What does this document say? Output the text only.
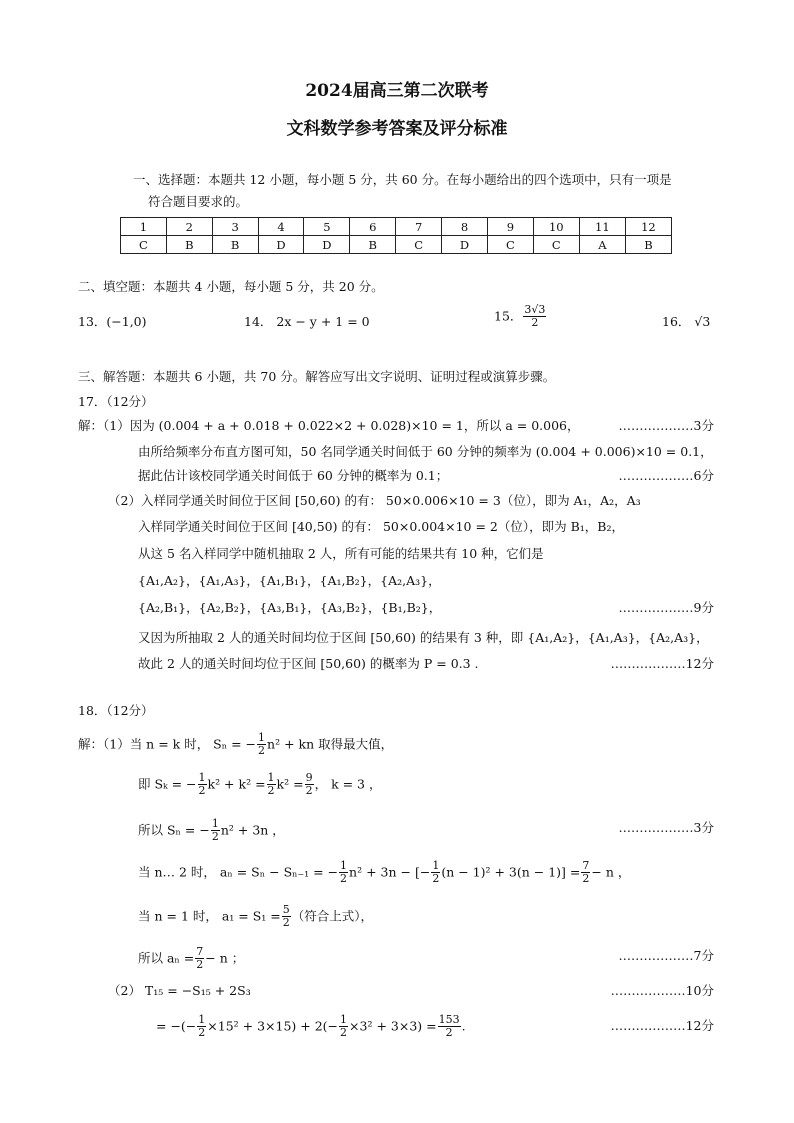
2024届高三第二次联考
文科数学参考答案及评分标准
一、选择题：本题共 12 小题，每小题 5 分，共 60 分。在每小题给出的四个选项中，只有一项是
符合题目要求的。
1	2	3	4	5	6	7	8	9	10	11	12
C	B	B	D	D	B	C	D	C	C	A	B
二、填空题：本题共 4 小题，每小题 5 分，共 20 分。
13．(−1,0)	14． 2x − y + 1 = 0	15． $\frac{3√3}{2}$	16． √3
三、解答题：本题共 6 小题，共 70 分。解答应写出文字说明、证明过程或演算步骤。
17．（12分）
解：（1）因为 (0.004 + a + 0.018 + 0.022×2 + 0.028)×10 = 1，所以 a = 0.006，	………………3分
由所给频率分布直方图可知，50 名同学通关时间低于 60 分钟的频率为 (0.004 + 0.006)×10 = 0.1，
据此估计该校同学通关时间低于 60 分钟的概率为 0.1；	………………6分
（2）入样同学通关时间位于区间 [50,60) 的有： 50×0.006×10 = 3（位），即为 A₁，A₂，A₃
入样同学通关时间位于区间 [40,50) 的有： 50×0.004×10 = 2（位），即为 B₁，B₂，
从这 5 名入样同学中随机抽取 2 人，所有可能的结果共有 10 种，它们是
{A₁,A₂}，{A₁,A₃}，{A₁,B₁}，{A₁,B₂}，{A₂,A₃}，
{A₂,B₁}，{A₂,B₂}，{A₃,B₁}，{A₃,B₂}，{B₁,B₂}，	………………9分
又因为所抽取 2 人的通关时间均位于区间 [50,60) 的结果有 3 种，即 {A₁,A₂}，{A₁,A₃}，{A₂,A₃}，
故此 2 人的通关时间均位于区间 [50,60) 的概率为 P = 0.3 .	………………12分
18．（12分）
解：（1）当 n = k 时， Sₙ = − $\frac{1}{2} n^2$ + kn 取得最大值，
即 Sₖ = − $\frac{1}{2} k^2 + k^2 = \frac{1}{2} k^2 = \frac{9}{2}$ ， k = 3 ，
所以 Sₙ = − $\frac{1}{2} n^2 + 3n$ ，	………………3分
当 n… 2 时， aₙ = Sₙ − Sₙ₋₁ = − $\frac{1}{2} n^2 + 3n$ − [− $\frac{1}{2} (n - 1)^2 + 3(n - 1)] = \frac{7}{2} - n$ ，
当 n = 1 时， $a_1 = S_1 = \frac{5}{2}$ （符合上式），
所以 $a_n = \frac{7}{2} - n$ ；	………………7分
（2） T₁₅ = −S₁₅ + 2S₃	………………10分
= −(− $\frac{1}{2} \times 15^2 + 3\times 15) + 2(- \frac{1}{2} \times 3^2 + 3\times 3) = \frac{153}{2}$ .	………………12分
